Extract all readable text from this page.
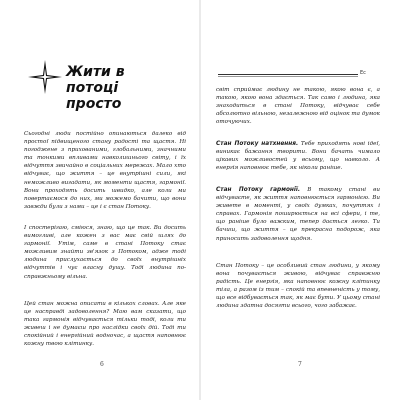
Жити в потоці
просто

Сьогодні люди постійно опинаються далеко від простої підвищеного стану радості та щастя. Ні погоджене з прихованими, глобальними, значними та тонкими впливами навколишнього світу, і їх відчуття звичайно в соціальних мережах. Мало хто відчуває, що життя – це внутрішні сили, які неможливо вигадати, як моменти щастя, гармонії. Вони проходять досить швидко, але коли ми повертаємося до них, ми можемо бачити, що вони завжди були з нами – це і є стан Потоку.

І спостерігаю, сміюся, знаю, що це так. Ви досить вимогливі, але кожен з вас має свій шлях до гармонії. Утім, саме в стані Потоку стає можливим знайти зв'язок з Потоком, адже тоді людина прислухається до своїх внутрішніх відчуттів і чує власну душу. Тоді людина по-справжньому вільна.

Цей стан можна описати в кількох словах. Але яке це насправді задоволення? Маю вам сказати, що така гармонія відчувається тільки тоді, коли ти живеш і не думаєш про наслідки своїх дій. Тоді ти спокійний і енергійний водночас, а щастя наповнює кожну твою клітинку.

6
Ec

світ сприймає людину не такою, якою вона є, а такою, якою вона здається. Так само і людина, яка знаходиться в стані Потоку, відчуває себе абсолютно вільною, незалежною від оцінок та думок оточуючих.

Стан Потоку натхнення. Тебе приходять нові ідеї, виникає бажання творити. Вони бачать чимало цікавих можливостей у всьому, що навколо. А енергія наповнює тебе, як ніколи раніше.

Стан Потоку гармонії. В такому стані ви відчуваєте, як життя наповнюється гармонією. Ви живете в моменті, у своїх думках, почуттях і справах. Гармонія поширюється на всі сфери, і те, що раніше було важким, тепер дається легко. Ти бачиш, що життя – це прекрасна подорож, яка приносить задоволення щодня.

Стан Потоку – це особливий стан людини, у якому вона почувається живою, відчуває справжню радість. Це енергія, яка наповнює кожну клітинку тіла, а разом із тим – спокій та впевненість у тому, що все відбувається так, як має бути. У цьому стані людина здатна досягти всього, чого забажає.

7
